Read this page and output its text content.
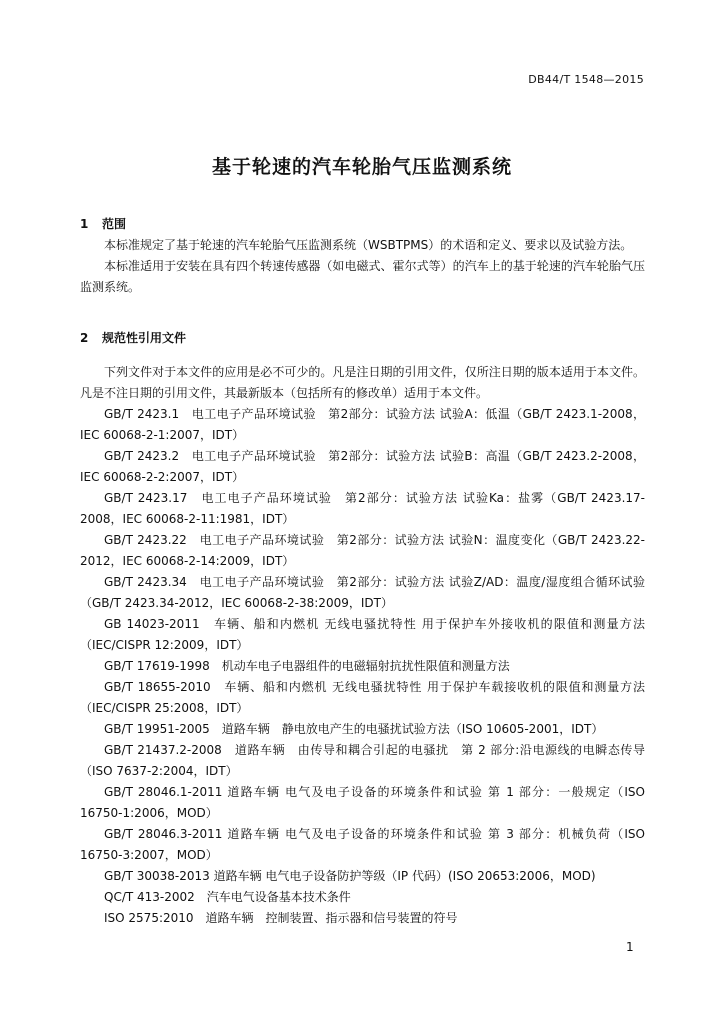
DB44/T 1548—2015
基于轮速的汽车轮胎气压监测系统
1 范围
本标准规定了基于轮速的汽车轮胎气压监测系统（WSBTPMS）的术语和定义、要求以及试验方法。
本标准适用于安装在具有四个转速传感器（如电磁式、霍尔式等）的汽车上的基于轮速的汽车轮胎气压监测系统。
2 规范性引用文件
下列文件对于本文件的应用是必不可少的。凡是注日期的引用文件，仅所注日期的版本适用于本文件。凡是不注日期的引用文件，其最新版本（包括所有的修改单）适用于本文件。
GB/T 2423.1　电工电子产品环境试验　第2部分：试验方法 试验A：低温（GB/T 2423.1-2008，IEC 60068-2-1:2007，IDT）
GB/T 2423.2　电工电子产品环境试验　第2部分：试验方法 试验B：高温（GB/T 2423.2-2008，IEC 60068-2-2:2007，IDT）
GB/T 2423.17　电工电子产品环境试验　第2部分：试验方法 试验Ka：盐雾（GB/T 2423.17-2008，IEC 60068-2-11:1981，IDT）
GB/T 2423.22　电工电子产品环境试验　第2部分：试验方法 试验N：温度变化（GB/T 2423.22-2012，IEC 60068-2-14:2009，IDT）
GB/T 2423.34　电工电子产品环境试验　第2部分：试验方法 试验Z/AD：温度/湿度组合循环试验（GB/T 2423.34-2012，IEC 60068-2-38:2009，IDT）
GB 14023-2011　车辆、船和内燃机 无线电骚扰特性 用于保护车外接收机的限值和测量方法（IEC/CISPR 12:2009，IDT）
GB/T 17619-1998　机动车电子电器组件的电磁辐射抗扰性限值和测量方法
GB/T 18655-2010　车辆、船和内燃机 无线电骚扰特性 用于保护车载接收机的限值和测量方法（IEC/CISPR 25:2008，IDT）
GB/T 19951-2005　道路车辆　静电放电产生的电骚扰试验方法（ISO 10605-2001，IDT）
GB/T 21437.2-2008　道路车辆　由传导和耦合引起的电骚扰　第 2 部分:沿电源线的电瞬态传导（ISO 7637-2:2004，IDT）
GB/T 28046.1-2011 道路车辆 电气及电子设备的环境条件和试验 第 1 部分：一般规定（ISO 16750-1:2006，MOD）
GB/T 28046.3-2011 道路车辆 电气及电子设备的环境条件和试验 第 3 部分：机械负荷（ISO 16750-3:2007，MOD）
GB/T 30038-2013 道路车辆 电气电子设备防护等级（IP 代码）(ISO 20653:2006，MOD)
QC/T 413-2002　汽车电气设备基本技术条件
ISO 2575:2010　道路车辆　控制装置、指示器和信号装置的符号
1
